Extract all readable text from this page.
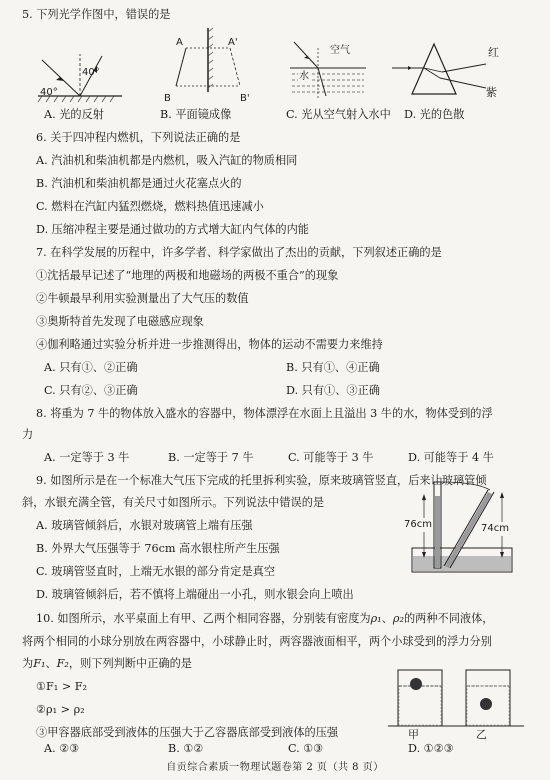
5. 下列光学作图中，错误的是
40°
40°
A	A'
B	B'
空气
水
红
紫
A. 光的反射	B. 平面镜成像	C. 光从空气射入水中 D. 光的色散
6. 关于四冲程内燃机，下列说法正确的是
A. 汽油机和柴油机都是内燃机，吸入汽缸的物质相同
B. 汽油机和柴油机都是通过火花塞点火的
C. 燃料在汽缸内猛烈燃烧，燃料热值迅速减小
D. 压缩冲程主要是通过做功的方式增大缸内气体的内能
7. 在科学发展的历程中，许多学者、科学家做出了杰出的贡献，下列叙述正确的是
①沈括最早记述了“地理的两极和地磁场的两极不重合”的现象
②牛顿最早利用实验测量出了大气压的数值
③奥斯特首先发现了电磁感应现象
④伽利略通过实验分析并进一步推测得出，物体的运动不需要力来维持
A. 只有①、②正确	B. 只有①、④正确
C. 只有②、③正确	D. 只有①、③正确
8. 将重为 7 牛的物体放入盛水的容器中，物体漂浮在水面上且溢出 3 牛的水，物体受到的浮
力
A. 一定等于 3 牛	B. 一定等于 7 牛	C. 可能等于 3 牛	D. 可能等于 4 牛
9. 如图所示是在一个标准大气压下完成的托里拆利实验，原来玻璃管竖直，后来让玻璃管倾
斜，水银充满全管，有关尺寸如图所示。下列说法中错误的是
A. 玻璃管倾斜后，水银对玻璃管上端有压强
B. 外界大气压强等于 76cm 高水银柱所产生压强
C. 玻璃管竖直时，上端无水银的部分肯定是真空
D. 玻璃管倾斜后，若不慎将上端碰出一小孔，则水银会向上喷出
76cm	74cm
10. 如图所示，水平桌面上有甲、乙两个相同容器，分别装有密度为ρ₁、ρ₂的两种不同液体，
将两个相同的小球分别放在两容器中，小球静止时，两容器液面相平，两个小球受到的浮力分别
为F₁、F₂，则下列判断中正确的是
①F₁ > F₂
②ρ₁ > ρ₂
③甲容器底部受到液体的压强大于乙容器底部受到液体的压强
A. ②③	B. ①②	C. ①③	D. ①②③
甲	乙
自贡综合素质一物理试题卷第 2 页（共 8 页）
